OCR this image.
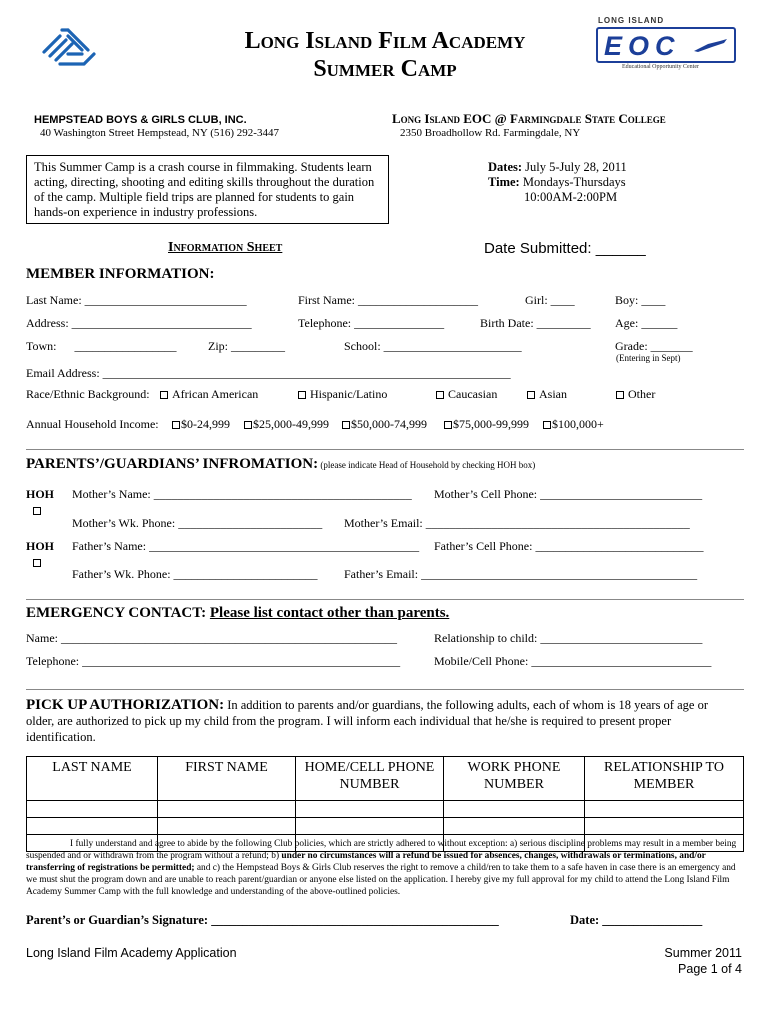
Long Island Film Academy
Summer Camp
LONG ISLAND
EOC
Educational Opportunity Center
HEMPSTEAD BOYS & GIRLS CLUB, INC.
40 Washington Street Hempstead, NY (516) 292-3447
Long Island EOC @ Farmingdale State College
2350 Broadhollow Rd. Farmingdale, NY
This Summer Camp is a crash course in filmmaking. Students learn acting, directing, shooting and editing skills throughout the duration of the camp. Multiple field trips are planned for students to gain hands-on experience in industry professions.
Dates: July 5-July 28, 2011
Time: Mondays-Thursdays
10:00AM-2:00PM
Information Sheet	Date Submitted: ______
MEMBER INFORMATION:
Last Name: ___________________________	First Name: ____________________	Girl: ____	Boy: ____
Address: ______________________________	Telephone: _______________	Birth Date: _________ Age: ______
Town:      _________________	Zip: _________	School: _______________________	Grade: _______
(Entering in Sept)
Email Address: ____________________________________________________________________
Race/Ethnic Background:	African American	Hispanic/Latino	Caucasian	Asian	Other
Annual Household Income:	$0-24,999	$25,000-49,999	$50,000-74,999	$75,000-99,999	$100,000+
PARENTS’/GUARDIANS’ INFROMATION: (please indicate Head of Household by checking HOH box)
HOH Mother’s Name: ___________________________________________ Mother’s Cell Phone: ___________________________
Mother’s Wk. Phone: ________________________ Mother’s Email: ____________________________________________
HOH Father’s Name: _____________________________________________ Father’s Cell Phone: ____________________________
Father’s Wk. Phone: ________________________ Father’s Email: ______________________________________________
EMERGENCY CONTACT: Please list contact other than parents.
Name: ________________________________________________________	Relationship to child: ___________________________
Telephone: _____________________________________________________	Mobile/Cell Phone: ______________________________
PICK UP AUTHORIZATION: In addition to parents and/or guardians, the following adults, each of whom is 18 years of age or older, are authorized to pick up my child from the program. I will inform each individual that he/she is required to present proper identification.
LAST NAME	FIRST NAME	HOME/CELL PHONE NUMBER	WORK PHONE NUMBER	RELATIONSHIP TO MEMBER

I fully understand and agree to abide by the following Club policies, which are strictly adhered to without exception: a) serious discipline problems may result in a member being suspended and or withdrawn from the program without a refund; b) under no circumstances will a refund be issued for absences, changes, withdrawals or terminations, and/or transferring of registrations be permitted; and c) the Hempstead Boys & Girls Club reserves the right to remove a child/ren to take them to a safe haven in case there is an emergency and we must shut the program down and are unable to reach parent/guardian or anyone else listed on the application. I hereby give my full approval for my child to attend the Long Island Film Academy Summer Camp with the full knowledge and understanding of the above-outlined policies.
Parent’s or Guardian’s Signature: ______________________________________________	Date: ________________
Long Island Film Academy Application	Summer 2011
Page 1 of 4
